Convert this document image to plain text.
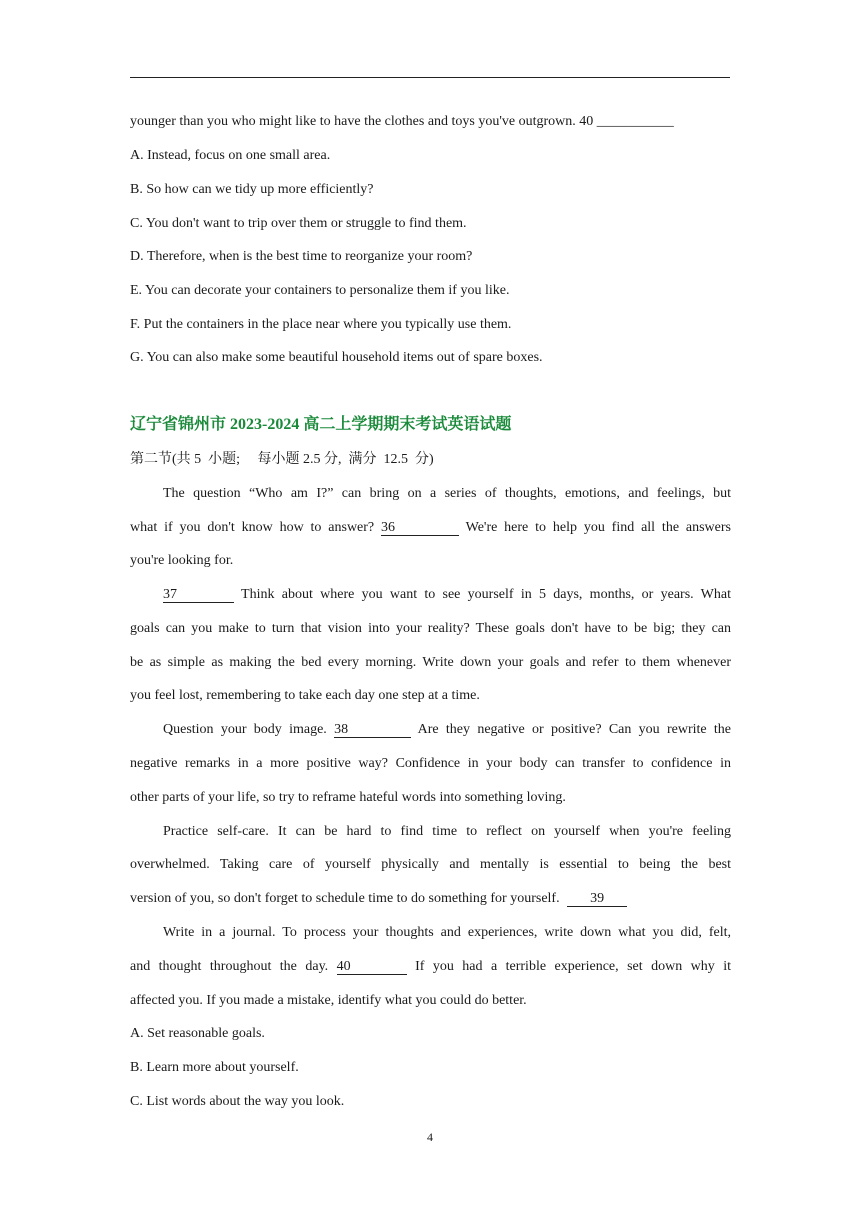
younger than you who might like to have the clothes and toys you've outgrown. 40 ___________
A. Instead, focus on one small area.
B. So how can we tidy up more efficiently?
C. You don't want to trip over them or struggle to find them.
D. Therefore, when is the best time to reorganize your room?
E. You can decorate your containers to personalize them if you like.
F. Put the containers in the place near where you typically use them.
G. You can also make some beautiful household items out of spare boxes.
辽宁省锦州市 2023-2024 高二上学期期末考试英语试题
第二节(共 5  小题;     每小题 2.5 分,  满分  12.5  分)
The question “Who am I?” can bring on a series of thoughts, emotions, and feelings, but
what if you don't know how to answer? 36	We're here to help you find all the answers
you're looking for.
37	Think about where you want to see yourself in 5 days, months, or years. What
goals can you make to turn that vision into your reality? These goals don't have to be big; they can
be as simple as making the bed every morning. Write down your goals and refer to them whenever
you feel lost, remembering to take each day one step at a time.
Question your body image. 38	Are they negative or positive? Can you rewrite the
negative remarks in a more positive way? Confidence in your body can transfer to confidence in
other parts of your life, so try to reframe hateful words into something loving.
Practice self-care. It can be hard to find time to reflect on yourself when you're feeling
overwhelmed. Taking care of yourself physically and mentally is essential to being the best
version of you, so don't forget to schedule time to do something for yourself. 39
Write in a journal. To process your thoughts and experiences, write down what you did, felt,
and thought throughout the day. 40	If you had a terrible experience, set down why it
affected you. If you made a mistake, identify what you could do better.
A. Set reasonable goals.
B. Learn more about yourself.
C. List words about the way you look.
4
